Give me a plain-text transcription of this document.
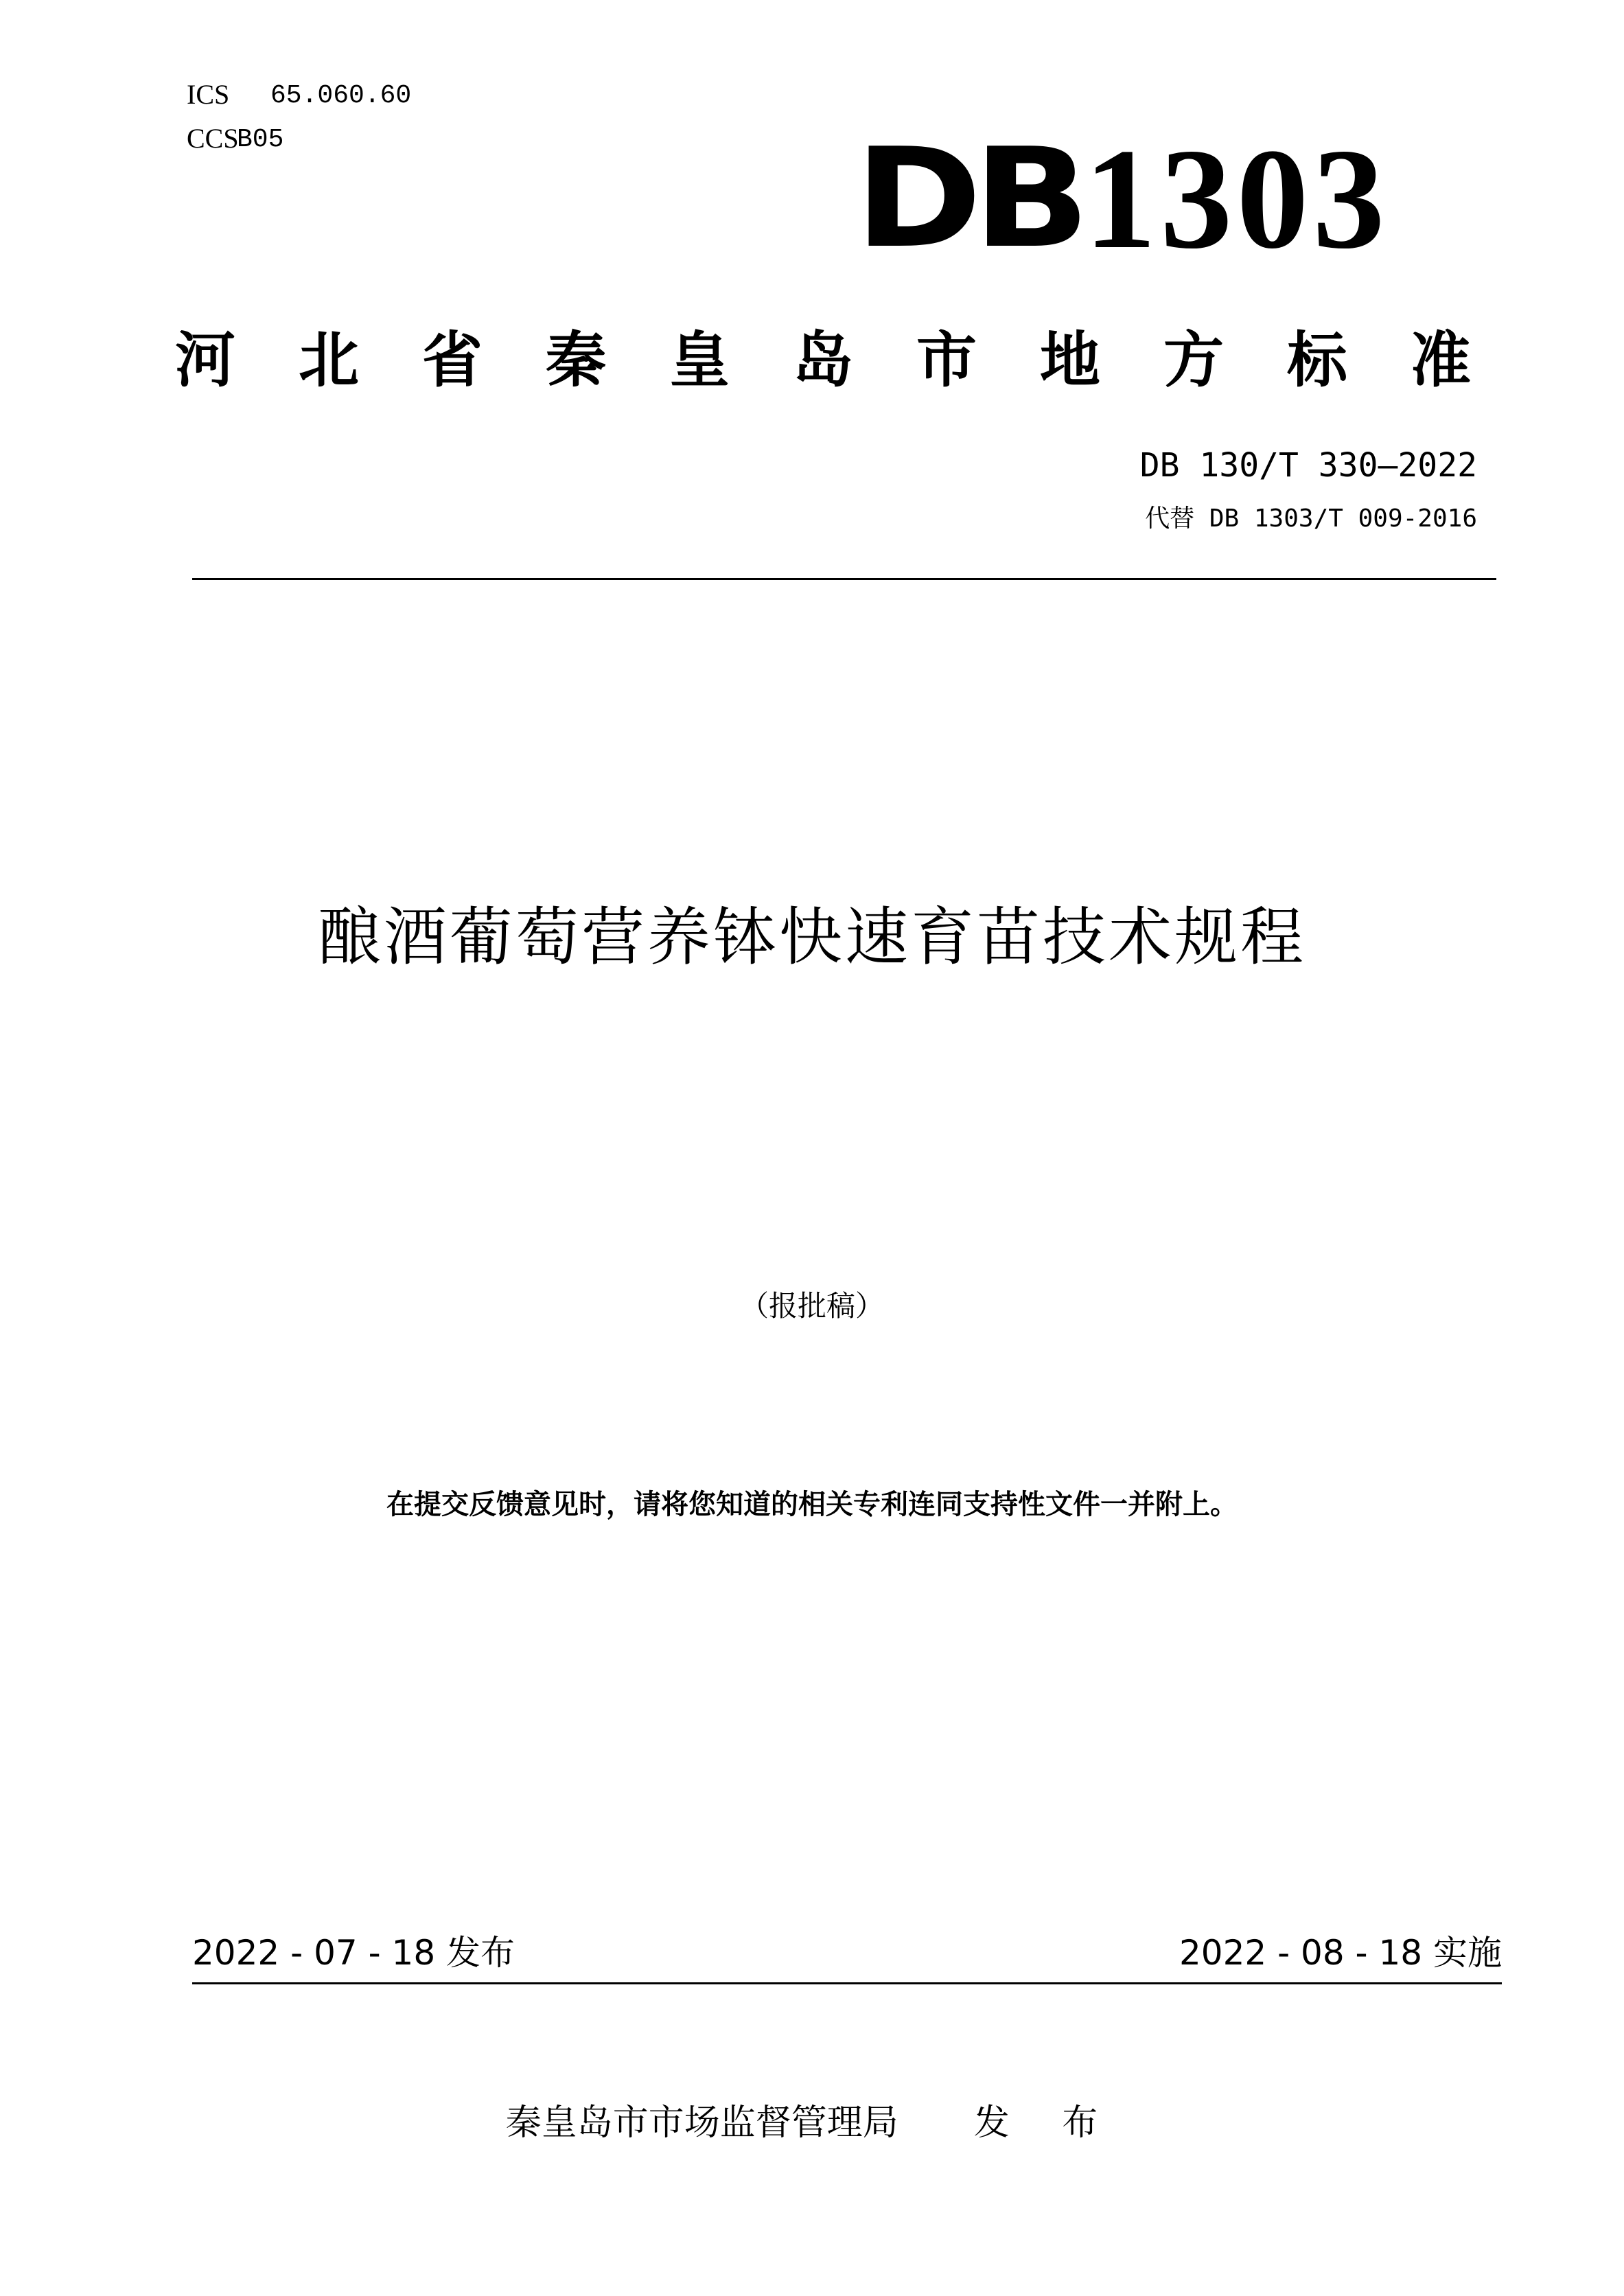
ICS 65.060.60
CCS
B05	DB 1303
河北省秦皇岛市地方标准
DB 130/T 330—2022
代替 DB 1303/T 009-2016
酿酒葡萄营养钵快速育苗技术规程
（报批稿）
在提交反馈意见时，请将您知道的相关专利连同支持性文件一并附上。
2022 - 07 - 18 发布	2022 - 08 - 18 实施
秦皇岛市市场监督管理局 发 布
